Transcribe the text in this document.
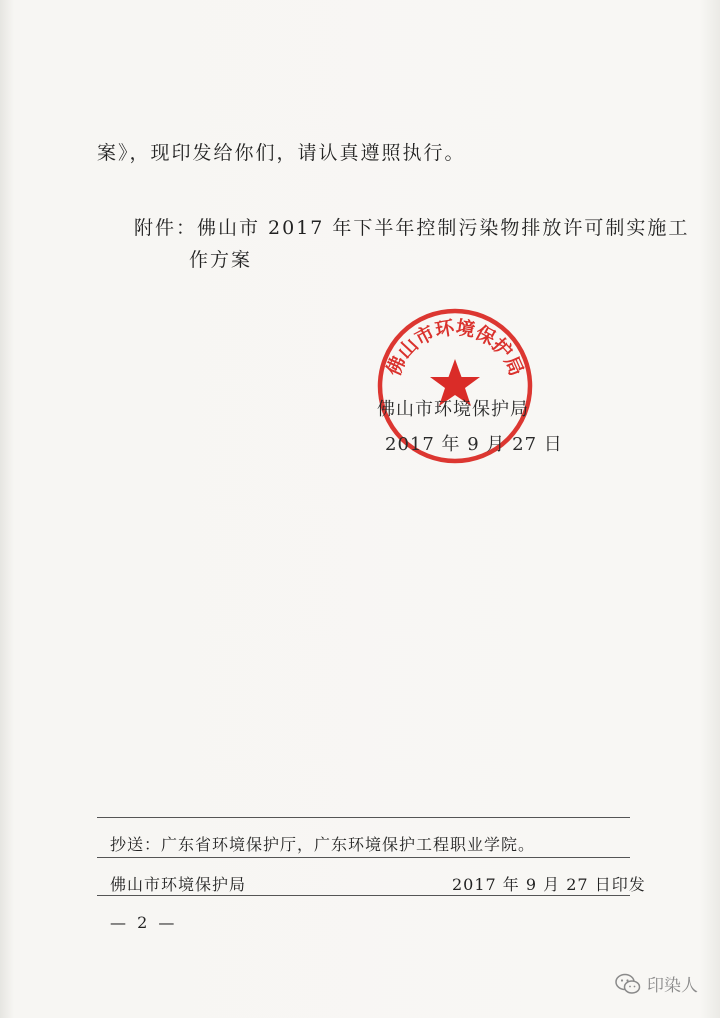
案》，现印发给你们，请认真遵照执行。
附件：佛山市 2017 年下半年控制污染物排放许可制实施工
作方案
佛山市环境保护局
佛山市环境保护局
2017 年 9 月 27 日
抄送：广东省环境保护厅，广东环境保护工程职业学院。
佛山市环境保护局	2017 年 9 月 27 日印发
— 2 —
印染人
